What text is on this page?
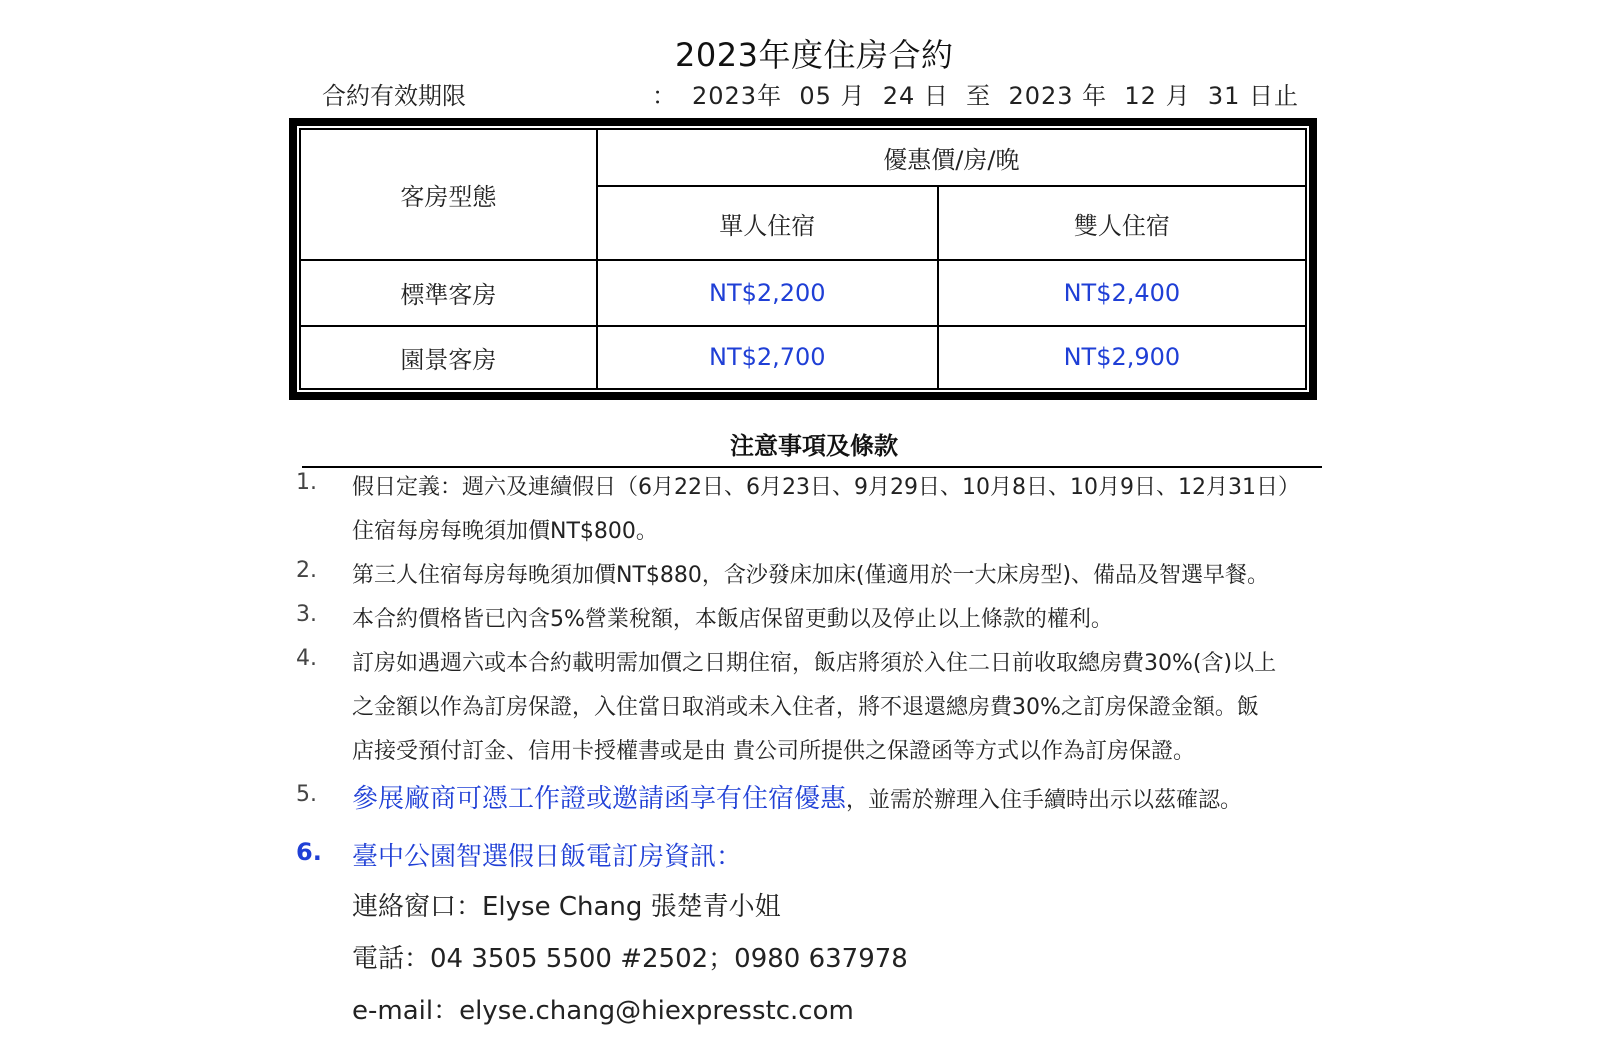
2023年度住房合約
合約有效期限	： 2023年  05 月  24 日  至  2023 年  12 月  31 日止
客房型態	優惠價/房/晚	
	單人住宿	雙人住宿
標準客房	NT$2,200	NT$2,400
園景客房	NT$2,700	NT$2,900
注意事項及條款
1. 假日定義：週六及連續假日（6月22日、6月23日、9月29日、10月8日、10月9日、12月31日）
住宿每房每晚須加價NT$800。
2. 第三人住宿每房每晚須加價NT$880，含沙發床加床(僅適用於一大床房型)、備品及智選早餐。
3. 本合約價格皆已內含5%營業稅額，本飯店保留更動以及停止以上條款的權利。
4. 訂房如遇週六或本合約載明需加價之日期住宿，飯店將須於入住二日前收取總房費30%(含)以上
之金額以作為訂房保證，入住當日取消或未入住者，將不退還總房費30%之訂房保證金額。飯
店接受預付訂金、信用卡授權書或是由 貴公司所提供之保證函等方式以作為訂房保證。
5. 參展廠商可憑工作證或邀請函享有住宿優惠，並需於辦理入住手續時出示以茲確認。
6. 臺中公園智選假日飯電訂房資訊：
連絡窗口：Elyse Chang 張楚青小姐
電話：04 3505 5500 #2502；0980 637978
e-mail：elyse.chang@hiexpresstc.com
